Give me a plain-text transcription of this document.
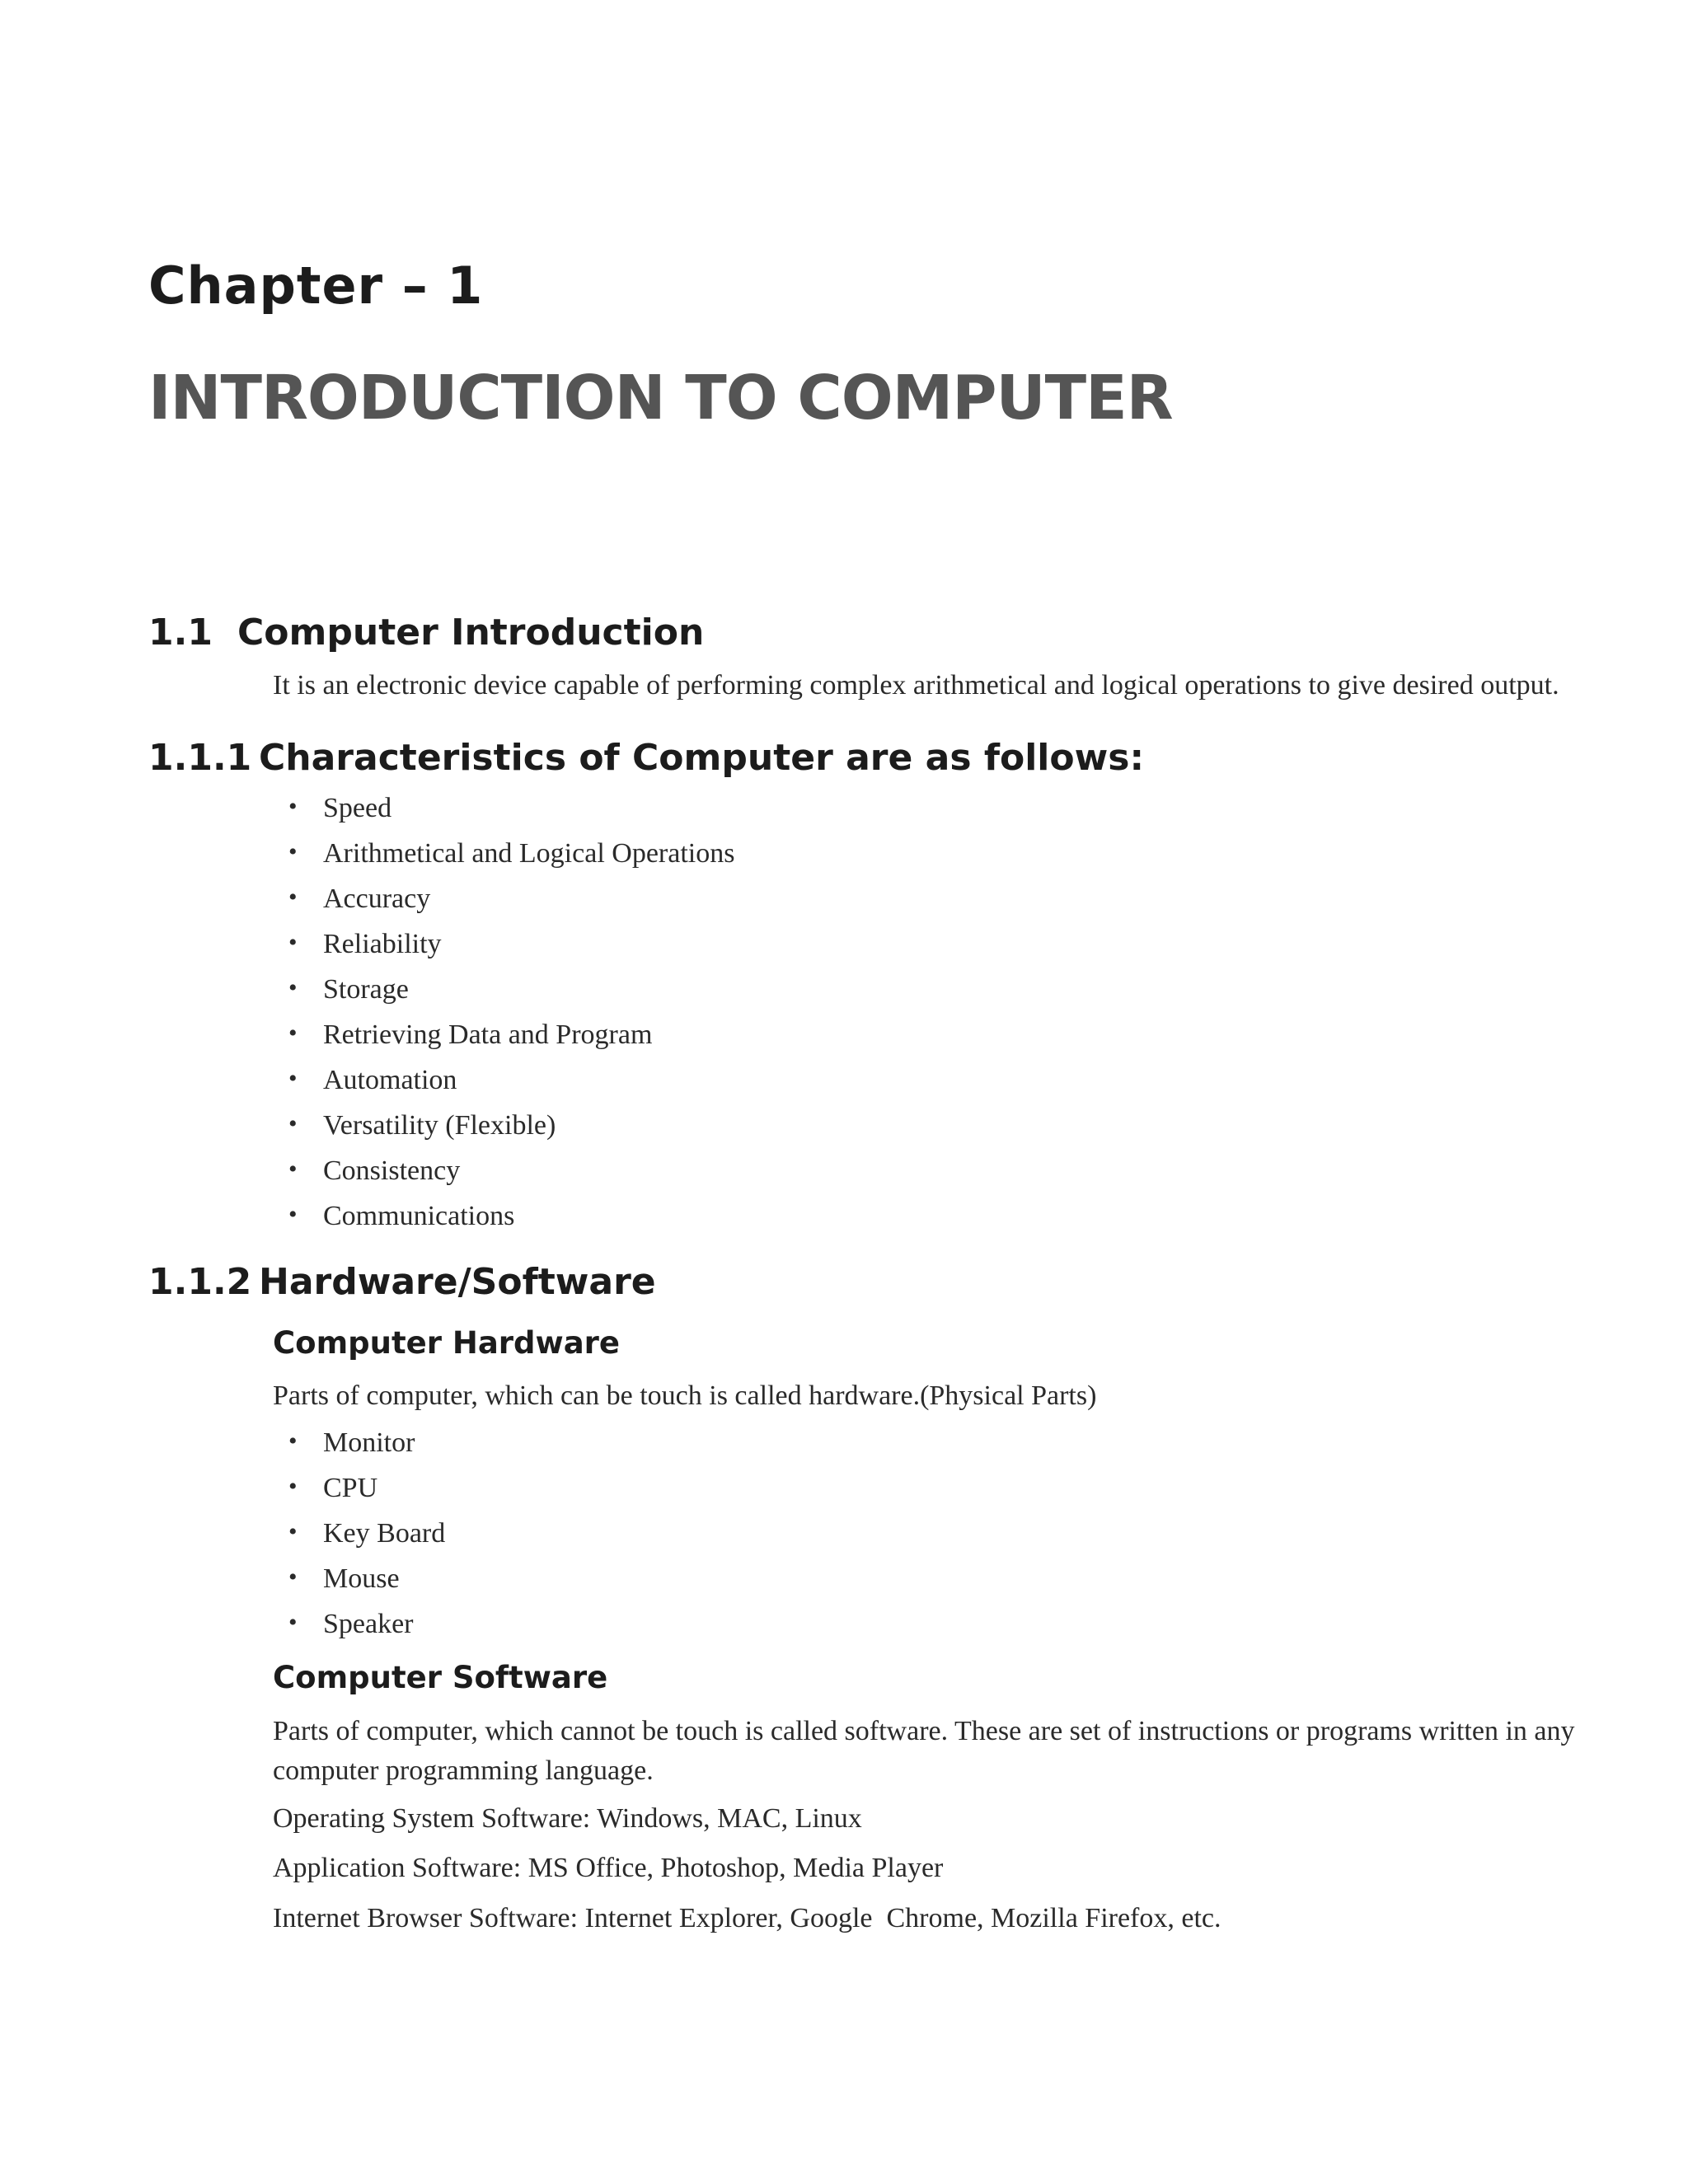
Chapter – 1
INTRODUCTION TO COMPUTER
1.1 Computer Introduction

It is an electronic device capable of performing complex arithmetical and logical operations to give desired output.

1.1.1 Characteristics of Computer are as follows:
• Speed
• Arithmetical and Logical Operations
• Accuracy
• Reliability
• Storage
• Retrieving Data and Program
• Automation
• Versatility (Flexible)
• Consistency
• Communications
1.1.2 Hardware/Software
Computer Hardware

Parts of computer, which can be touch is called hardware.(Physical Parts)

• Monitor
• CPU
• Key Board
• Mouse
• Speaker
Computer Software

Parts of computer, which cannot be touch is called software. These are set of instructions or programs written in any computer programming language.

Operating System Software: Windows, MAC, Linux

Application Software: MS Office, Photoshop, Media Player

Internet Browser Software: Internet Explorer, Google  Chrome, Mozilla Firefox, etc.
